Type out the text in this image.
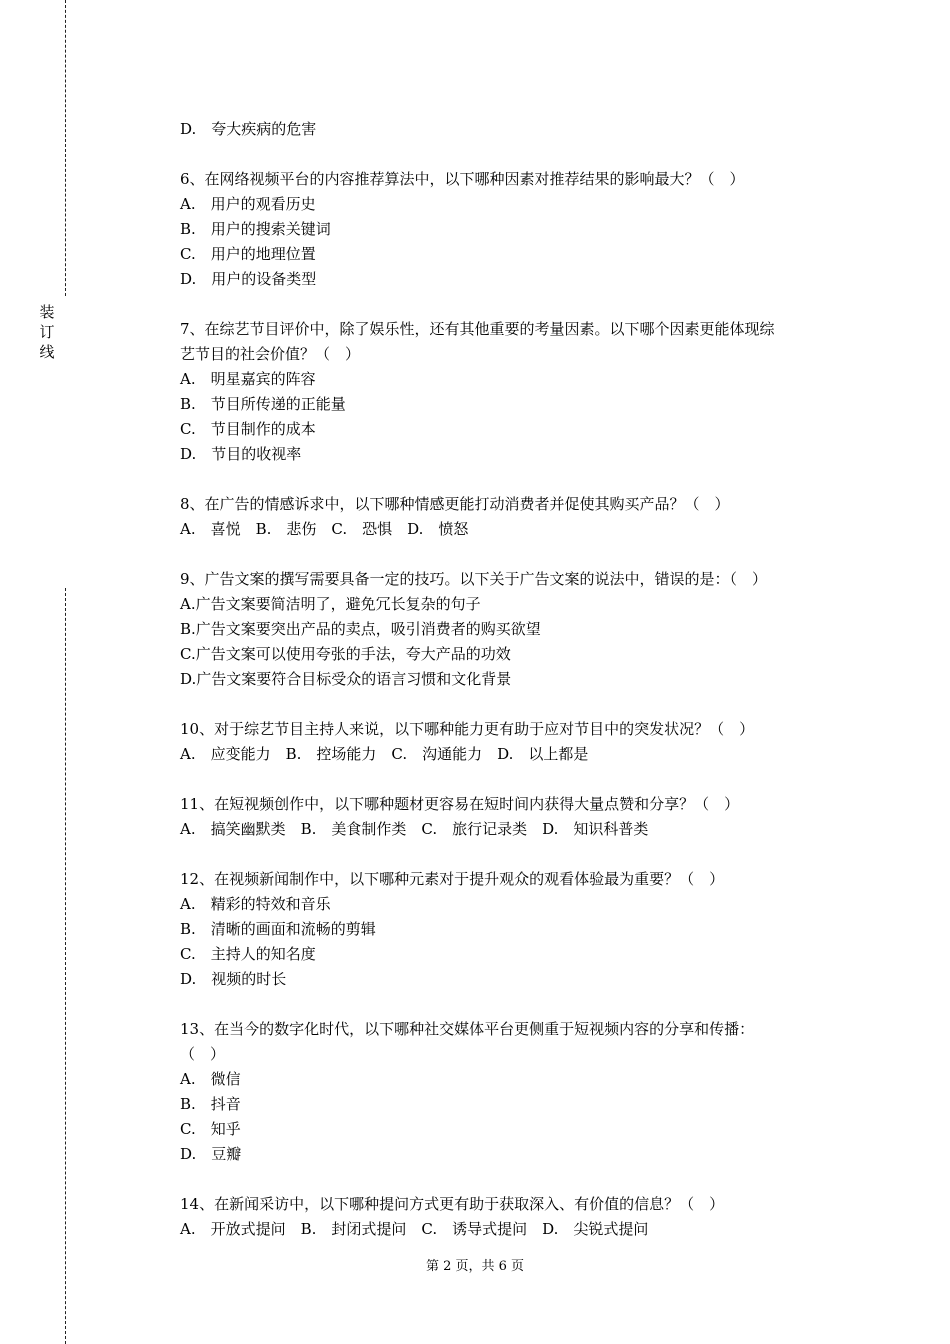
装
订
线

D.　夸大疾病的危害

6、在网络视频平台的内容推荐算法中，以下哪种因素对推荐结果的影响最大？（　）

A.　用户的观看历史

B.　用户的搜索关键词

C.　用户的地理位置

D.　用户的设备类型

7、在综艺节目评价中，除了娱乐性，还有其他重要的考量因素。以下哪个因素更能体现综

艺节目的社会价值？（　）

A.　明星嘉宾的阵容

B.　节目所传递的正能量

C.　节目制作的成本

D.　节目的收视率

8、在广告的情感诉求中，以下哪种情感更能打动消费者并促使其购买产品？（　）

A.　喜悦　B.　悲伤　C.　恐惧　D.　愤怒

9、广告文案的撰写需要具备一定的技巧。以下关于广告文案的说法中，错误的是：（　）

A.广告文案要简洁明了，避免冗长复杂的句子

B.广告文案要突出产品的卖点，吸引消费者的购买欲望

C.广告文案可以使用夸张的手法，夸大产品的功效

D.广告文案要符合目标受众的语言习惯和文化背景

10、对于综艺节目主持人来说，以下哪种能力更有助于应对节目中的突发状况？（　）

A.　应变能力　B.　控场能力　C.　沟通能力　D.　以上都是

11、在短视频创作中，以下哪种题材更容易在短时间内获得大量点赞和分享？（　）

A.　搞笑幽默类　B.　美食制作类　C.　旅行记录类　D.　知识科普类

12、在视频新闻制作中，以下哪种元素对于提升观众的观看体验最为重要？（　）

A.　精彩的特效和音乐

B.　清晰的画面和流畅的剪辑

C.　主持人的知名度

D.　视频的时长

13、在当今的数字化时代，以下哪种社交媒体平台更侧重于短视频内容的分享和传播：

（　）

A.　微信

B.　抖音

C.　知乎

D.　豆瓣

14、在新闻采访中，以下哪种提问方式更有助于获取深入、有价值的信息？（　）

A.　开放式提问　B.　封闭式提问　C.　诱导式提问　D.　尖锐式提问

第 2 页，共 6 页
